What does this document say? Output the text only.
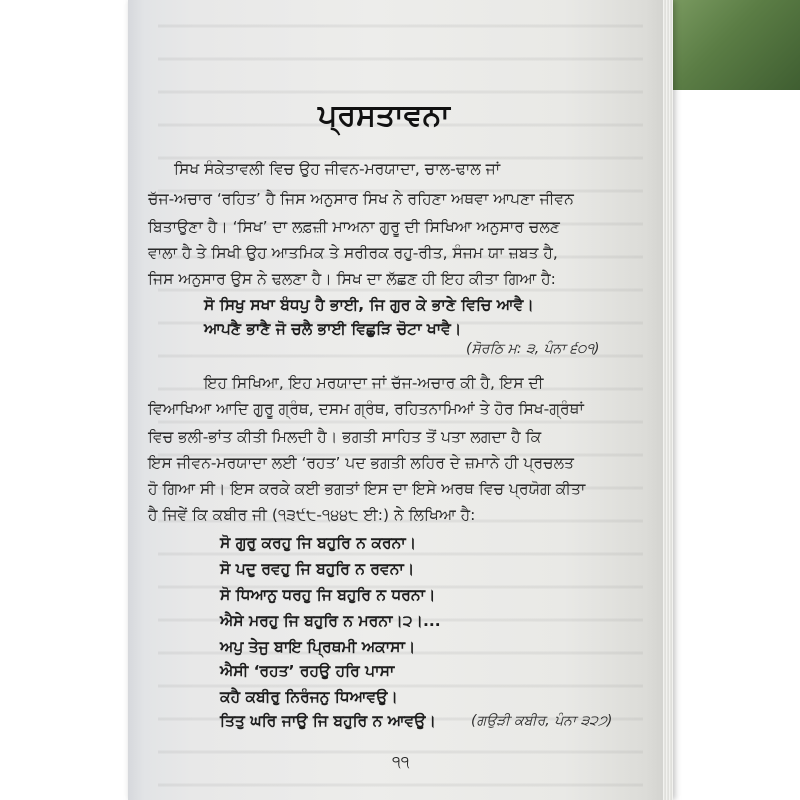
ਪ੍ਰਸਤਾਵਨਾ
ਸਿਖ ਸੰਕੇਤਾਵਲੀ ਵਿਚ ਉਹ ਜੀਵਨ-ਮਰਯਾਦਾ, ਚਾਲ-ਢਾਲ ਜਾਂ
ਚੱਜ-ਅਚਾਰ ‘ਰਹਿਤ’ ਹੈ ਜਿਸ ਅਨੁਸਾਰ ਸਿਖ ਨੇ ਰਹਿਣਾ ਅਥਵਾ ਆਪਣਾ ਜੀਵਨ
ਬਿਤਾਉਣਾ ਹੈ। ‘ਸਿਖ’ ਦਾ ਲਫ਼ਜ਼ੀ ਮਾਅਨਾ ਗੁਰੂ ਦੀ ਸਿਖਿਆ ਅਨੁਸਾਰ ਚਲਣ
ਵਾਲਾ ਹੈ ਤੇ ਸਿਖੀ ਉਹ ਆਤਮਿਕ ਤੇ ਸਰੀਰਕ ਰਹੁ-ਰੀਤ, ਸੰਜਮ ਯਾ ਜ਼ਬਤ ਹੈ,
ਜਿਸ ਅਨੁਸਾਰ ਉਸ ਨੇ ਢਲਣਾ ਹੈ। ਸਿਖ ਦਾ ਲੱਛਣ ਹੀ ਇਹ ਕੀਤਾ ਗਿਆ ਹੈ:
ਸੋ ਸਿਖੁ ਸਖਾ ਬੰਧਪੁ ਹੈ ਭਾਈ, ਜਿ ਗੁਰ ਕੇ ਭਾਣੇ ਵਿਚਿ ਆਵੈ।
ਆਪਣੈ ਭਾਣੈ ਜੋ ਚਲੈ ਭਾਈ ਵਿਛੁੜਿ ਚੋਟਾ ਖਾਵੈ।
(ਸੋਰਠਿ ਮ: ੩, ਪੰਨਾ ੬੦੧)
ਇਹ ਸਿਖਿਆ, ਇਹ ਮਰਯਾਦਾ ਜਾਂ ਚੱਜ-ਅਚਾਰ ਕੀ ਹੈ, ਇਸ ਦੀ
ਵਿਆਖਿਆ ਆਦਿ ਗੁਰੂ ਗ੍ਰੰਥ, ਦਸਮ ਗ੍ਰੰਥ, ਰਹਿਤਨਾਮਿਆਂ ਤੇ ਹੋਰ ਸਿਖ-ਗ੍ਰੰਥਾਂ
ਵਿਚ ਭਲੀ-ਭਾਂਤ ਕੀਤੀ ਮਿਲਦੀ ਹੈ। ਭਗਤੀ ਸਾਹਿਤ ਤੋਂ ਪਤਾ ਲਗਦਾ ਹੈ ਕਿ
ਇਸ ਜੀਵਨ-ਮਰਯਾਦਾ ਲਈ ‘ਰਹਤ’ ਪਦ ਭਗਤੀ ਲਹਿਰ ਦੇ ਜ਼ਮਾਨੇ ਹੀ ਪ੍ਰਚਲਤ
ਹੋ ਗਿਆ ਸੀ। ਇਸ ਕਰਕੇ ਕਈ ਭਗਤਾਂ ਇਸ ਦਾ ਇਸੇ ਅਰਥ ਵਿਚ ਪ੍ਰਯੋਗ ਕੀਤਾ
ਹੈ ਜਿਵੇਂ ਕਿ ਕਬੀਰ ਜੀ (੧੩੯੮-੧੪੪੮ ਈ:) ਨੇ ਲਿਖਿਆ ਹੈ:
ਸੋ ਗੁਰੁ ਕਰਹੁ ਜਿ ਬਹੁਰਿ ਨ ਕਰਨਾ।
ਸੋ ਪਦੁ ਰਵਹੁ ਜਿ ਬਹੁਰਿ ਨ ਰਵਨਾ।
ਸੋ ਧਿਆਨੁ ਧਰਹੁ ਜਿ ਬਹੁਰਿ ਨ ਧਰਨਾ।
ਐਸੇ ਮਰਹੁ ਜਿ ਬਹੁਰਿ ਨ ਮਰਨਾ।੨।...
ਅਪੁ ਤੇਜੁ ਬਾਇ ਪ੍ਰਿਥਮੀ ਅਕਾਸਾ।
ਐਸੀ ‘ਰਹਤ’ ਰਹਉ ਹਰਿ ਪਾਸਾ
ਕਹੈ ਕਬੀਰੁ ਨਿਰੰਜਨੁ ਧਿਆਵਉ।
ਤਿਤੁ ਘਰਿ ਜਾਉ ਜਿ ਬਹੁਰਿ ਨ ਆਵਉ।	(ਗਉੜੀ ਕਬੀਰ, ਪੰਨਾ ੩੨੭)
੧੧
